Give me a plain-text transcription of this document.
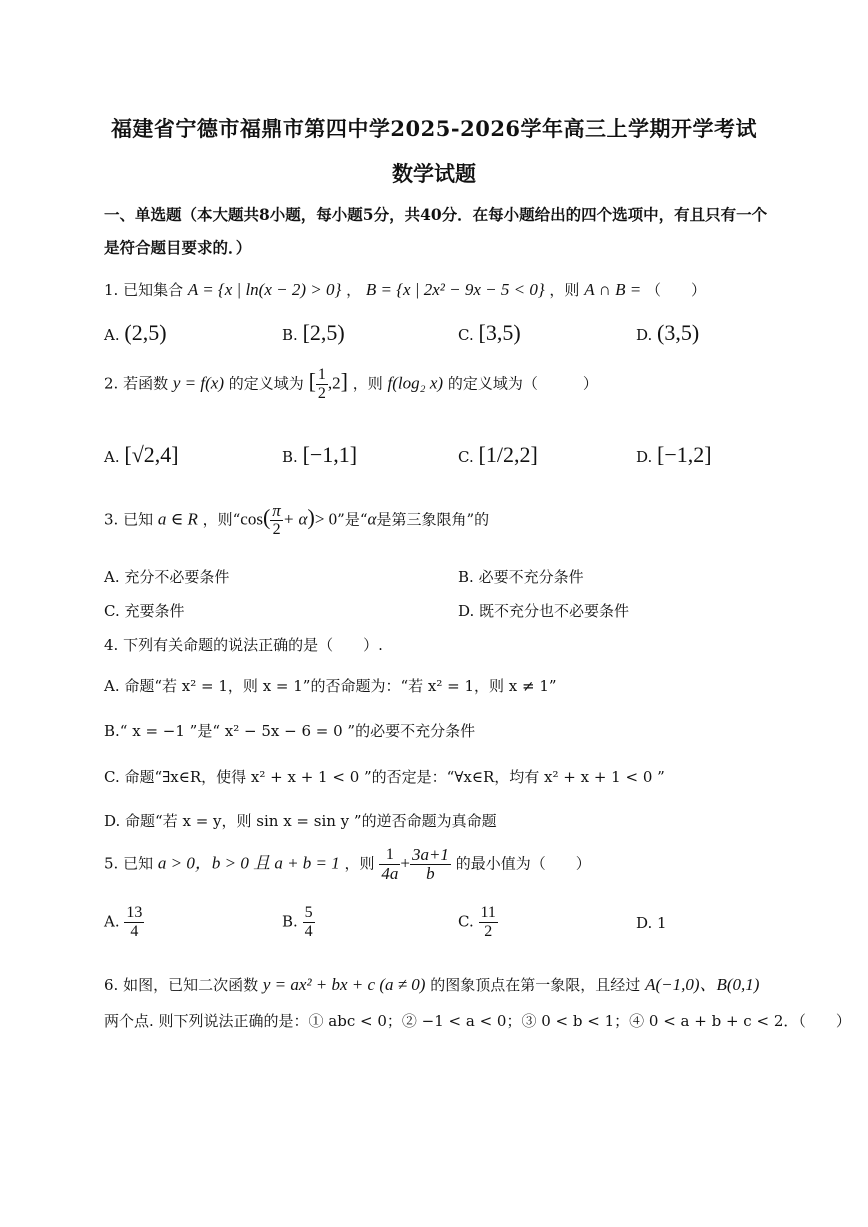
福建省宁德市福鼎市第四中学2025-2026学年高三上学期开学考试
数学试题
一、单选题（本大题共8小题，每小题5分，共40分．在每小题给出的四个选项中，有且只有一个
是符合题目要求的．）
1. 已知集合 A = {x | ln(x − 2) > 0} ， B = {x | 2x² − 9x − 5 < 0} ，则 A ∩ B = （　　）
A. (2,5)	B. [2,5)	C. [3,5)	D. (3,5)
2. 若函数 y = f(x) 的定义域为 [ $\frac{1}{2} ,2$] ，则 f(log₂ x) 的定义域为（　　　）
A. [√2,4]	B. [−1,1]	C. [1/2,2]	D. [−1,2]
3. 已知 a ∈ R ，则“$\cos( \frac{\pi}{2} + \alpha)> 0$”是“α是第三象限角”的
A. 充分不必要条件	B. 必要不充分条件
C. 充要条件	D. 既不充分也不必要条件
4. 下列有关命题的说法正确的是（　　）.
A. 命题“若 x² = 1，则 x = 1”的否命题为：“若 x² = 1，则 x ≠ 1”
B.“ x = −1 ”是“ x² − 5x − 6 = 0 ”的必要不充分条件
C. 命题“∃x∈R，使得 x² + x + 1 < 0 ”的否定是：“∀x∈R，均有 x² + x + 1 < 0 ”
D. 命题“若 x = y，则 sin x = sin y ”的逆否命题为真命题
5. 已知 a > 0，b > 0 且 a + b = 1 ，则 $\frac{1}{4a} + \frac{3a+1}{b}$ 的最小值为（　　）
A. $\frac{13}{4}$	B. $\frac{5}{4}$	C. $\frac{11}{2}$	D. 1
6. 如图，已知二次函数 y = ax² + bx + c (a ≠ 0) 的图象顶点在第一象限，且经过 A(−1,0)、B(0,1)
两个点. 则下列说法正确的是：① abc < 0；② −1 < a < 0；③ 0 < b < 1；④ 0 < a + b + c < 2．（　　）
